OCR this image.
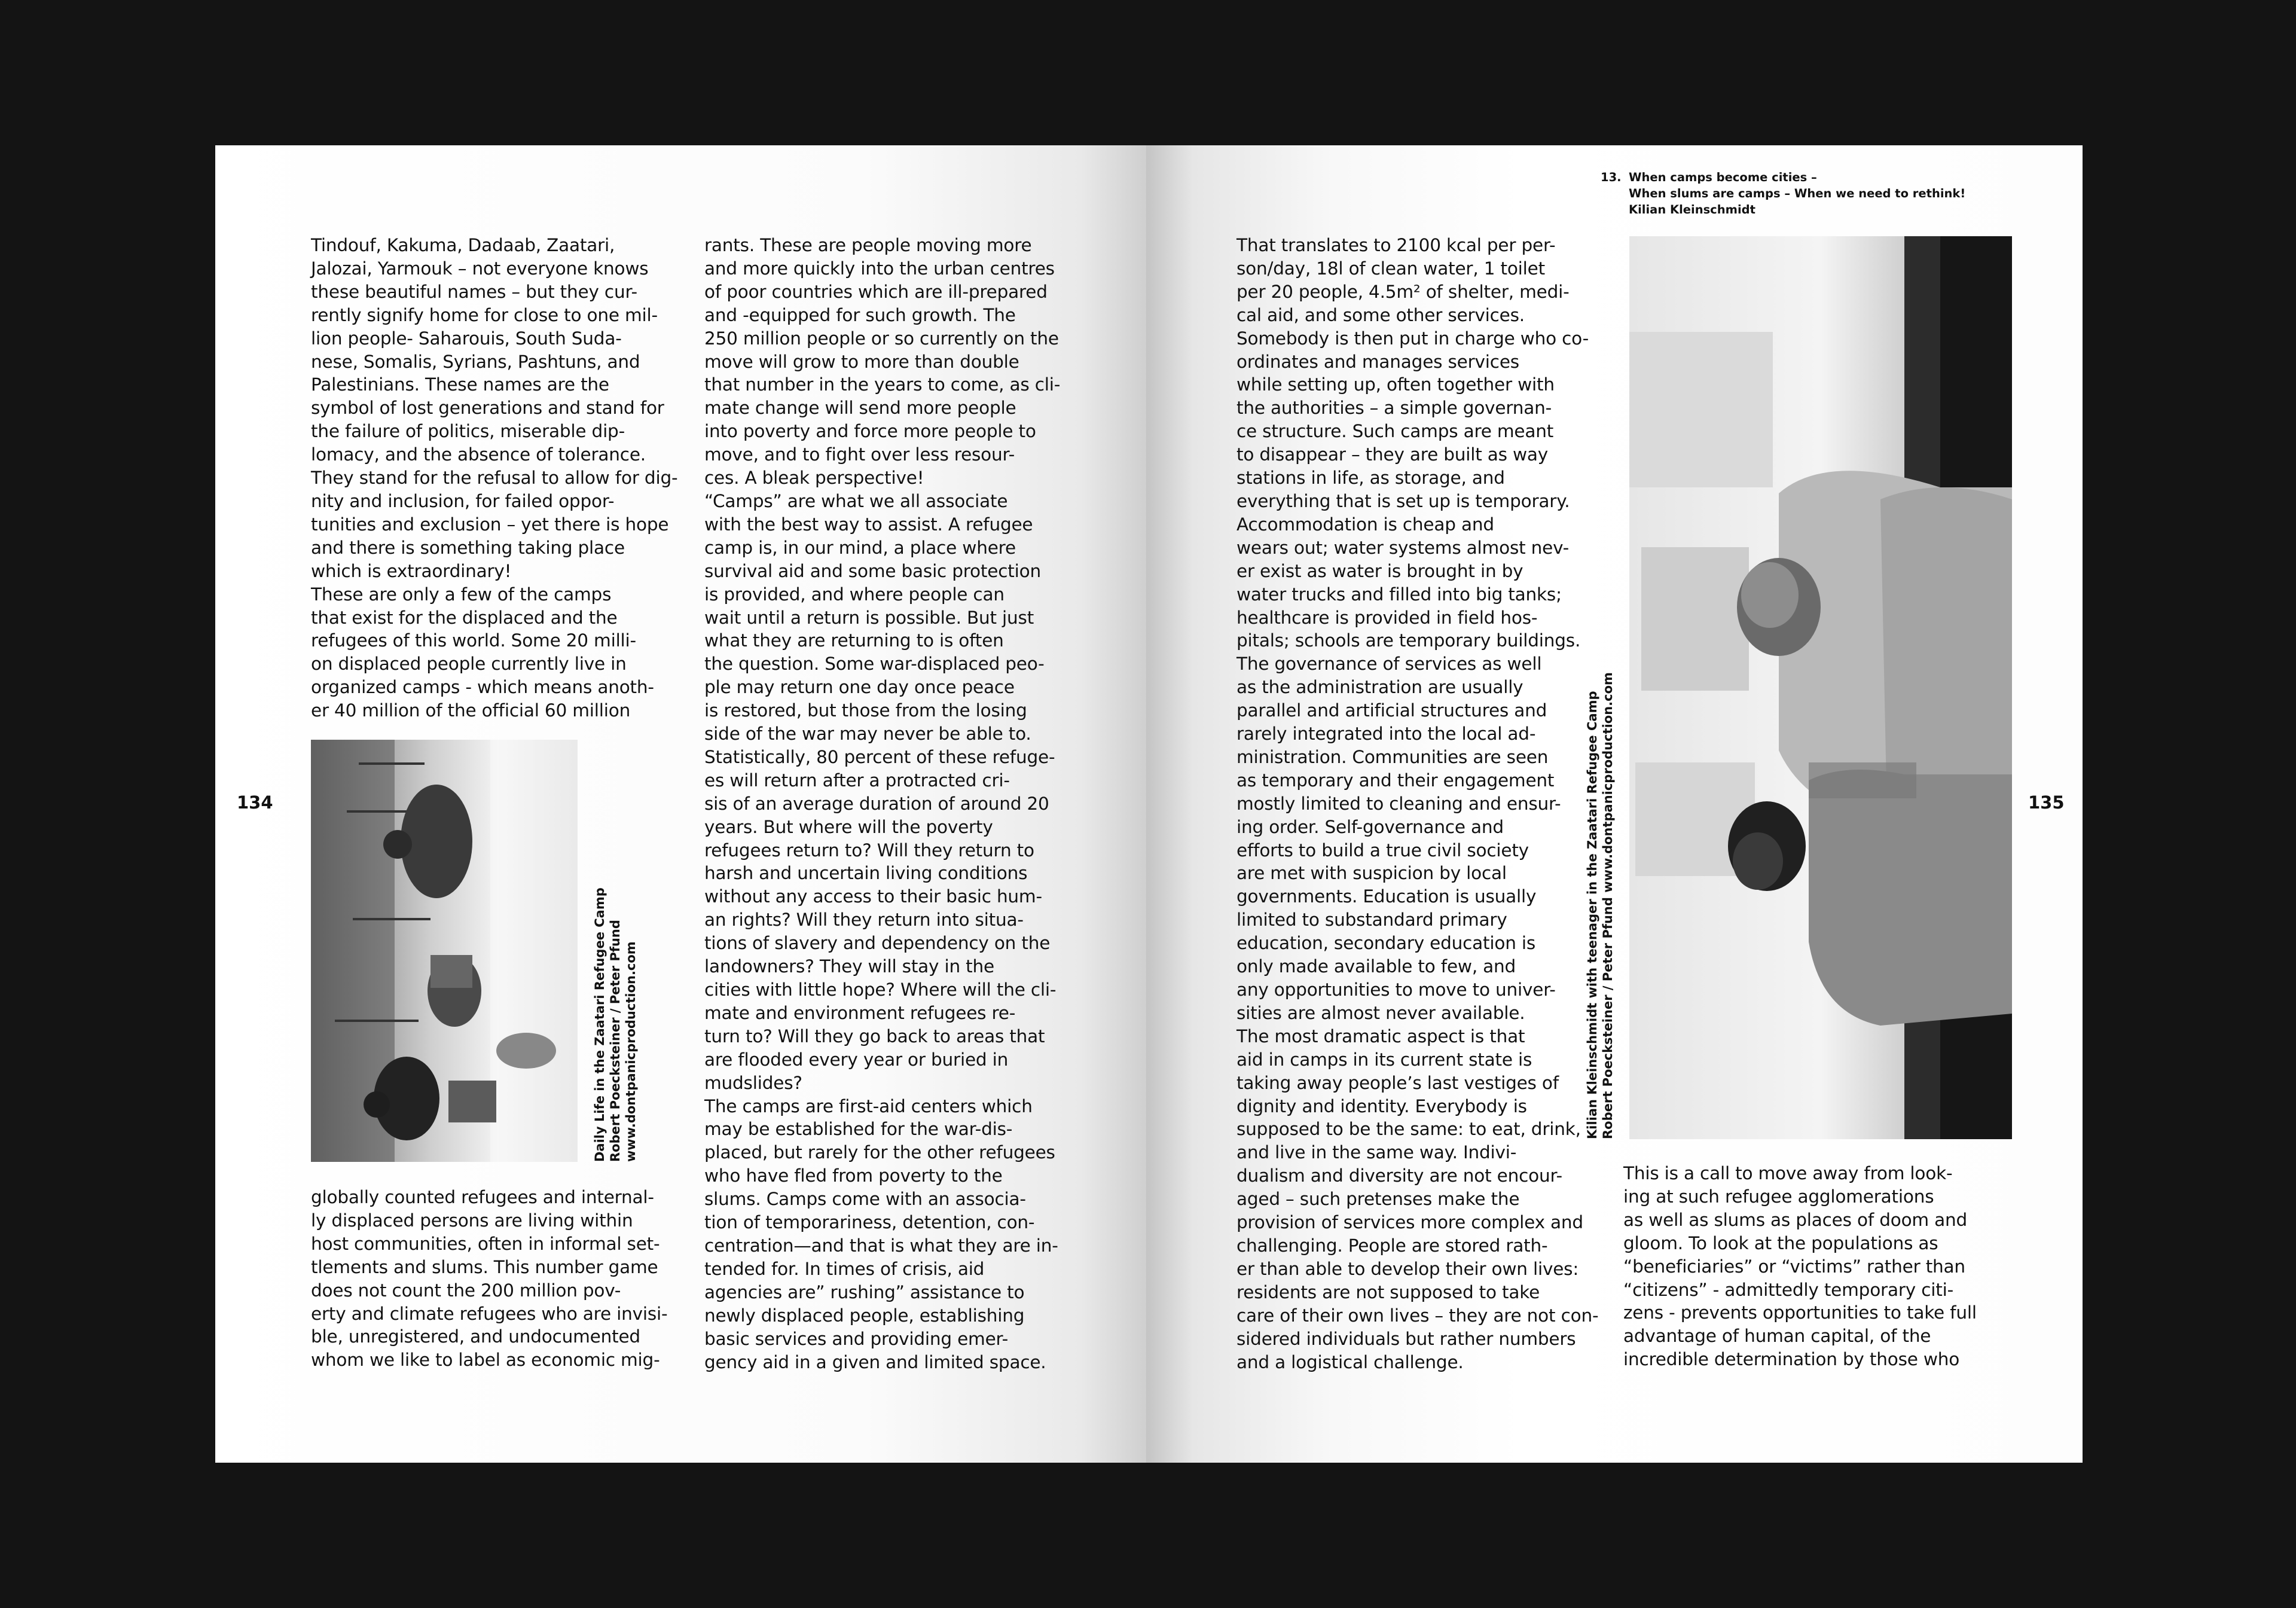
134	135
13. When camps become cities –
When slums are camps – When we need to rethink!
Kilian Kleinschmidt

Tindouf, Kakuma, Dadaab, Zaatari,

Jalozai, Yarmouk – not everyone knows

these beautiful names – but they cur-

rently signify home for close to one mil-

lion people- Saharouis, South Suda-

nese, Somalis, Syrians, Pashtuns, and

Palestinians. These names are the

symbol of lost generations and stand for

the failure of politics, miserable dip-

lomacy, and the absence of tolerance.

They stand for the refusal to allow for dig-

nity and inclusion, for failed oppor-

tunities and exclusion – yet there is hope

and there is something taking place

which is extraordinary!

These are only a few of the camps

that exist for the displaced and the

refugees of this world. Some 20 milli-

on displaced people currently live in

organized camps - which means anoth-

er 40 million of the official 60 million

globally counted refugees and internal-

ly displaced persons are living within

host communities, often in informal set-

tlements and slums. This number game

does not count the 200 million pov-

erty and climate refugees who are invisi-

ble, unregistered, and undocumented

whom we like to label as economic mig-

rants. These are people moving more

and more quickly into the urban centres

of poor countries which are ill-prepared

and -equipped for such growth. The

250 million people or so currently on the

move will grow to more than double

that number in the years to come, as cli-

mate change will send more people

into poverty and force more people to

move, and to fight over less resour-

ces. A bleak perspective!

“Camps” are what we all associate

with the best way to assist. A refugee

camp is, in our mind, a place where

survival aid and some basic protection

is provided, and where people can

wait until a return is possible. But just

what they are returning to is often

the question. Some war-displaced peo-

ple may return one day once peace

is restored, but those from the losing

side of the war may never be able to.

Statistically, 80 percent of these refuge-

es will return after a protracted cri-

sis of an average duration of around 20

years. But where will the poverty

refugees return to? Will they return to

harsh and uncertain living conditions

without any access to their basic hum-

an rights? Will they return into situa-

tions of slavery and dependency on the

landowners? They will stay in the

cities with little hope? Where will the cli-

mate and environment refugees re-

turn to? Will they go back to areas that

are flooded every year or buried in

mudslides?

The camps are first-aid centers which

may be established for the war-dis-

placed, but rarely for the other refugees

who have fled from poverty to the

slums. Camps come with an associa-

tion of temporariness, detention, con-

centration—and that is what they are in-

tended for. In times of crisis, aid

agencies are” rushing” assistance to

newly displaced people, establishing

basic services and providing emer-

gency aid in a given and limited space.

That translates to 2100 kcal per per-

son/day, 18l of clean water, 1 toilet

per 20 people, 4.5m² of shelter, medi-

cal aid, and some other services.

Somebody is then put in charge who co-

ordinates and manages services

while setting up, often together with

the authorities – a simple governan-

ce structure. Such camps are meant

to disappear – they are built as way

stations in life, as storage, and

everything that is set up is temporary.

Accommodation is cheap and

wears out; water systems almost nev-

er exist as water is brought in by

water trucks and filled into big tanks;

healthcare is provided in field hos-

pitals; schools are temporary buildings.

The governance of services as well

as the administration are usually

parallel and artificial structures and

rarely integrated into the local ad-

ministration. Communities are seen

as temporary and their engagement

mostly limited to cleaning and ensur-

ing order. Self-governance and

efforts to build a true civil society

are met with suspicion by local

governments. Education is usually

limited to substandard primary

education, secondary education is

only made available to few, and

any opportunities to move to univer-

sities are almost never available.

The most dramatic aspect is that

aid in camps in its current state is

taking away people’s last vestiges of

dignity and identity. Everybody is

supposed to be the same: to eat, drink,

and live in the same way. Indivi-

dualism and diversity are not encour-

aged – such pretenses make the

provision of services more complex and

challenging. People are stored rath-

er than able to develop their own lives:

residents are not supposed to take

care of their own lives – they are not con-

sidered individuals but rather numbers

and a logistical challenge.

This is a call to move away from look-

ing at such refugee agglomerations

as well as slums as places of doom and

gloom. To look at the populations as

“beneficiaries” or “victims” rather than

“citizens” - admittedly temporary citi-

zens - prevents opportunities to take full

advantage of human capital, of the

incredible determination by those who

Daily Life in the Zaatari Refugee Camp Robert Poecksteiner / Peter Pfund www.dontpanicproduction.com	Kilian Kleinschmidt with teenager in the Zaatari Refugee Camp Robert Poecksteiner / Peter Pfund www.dontpanicproduction.com
